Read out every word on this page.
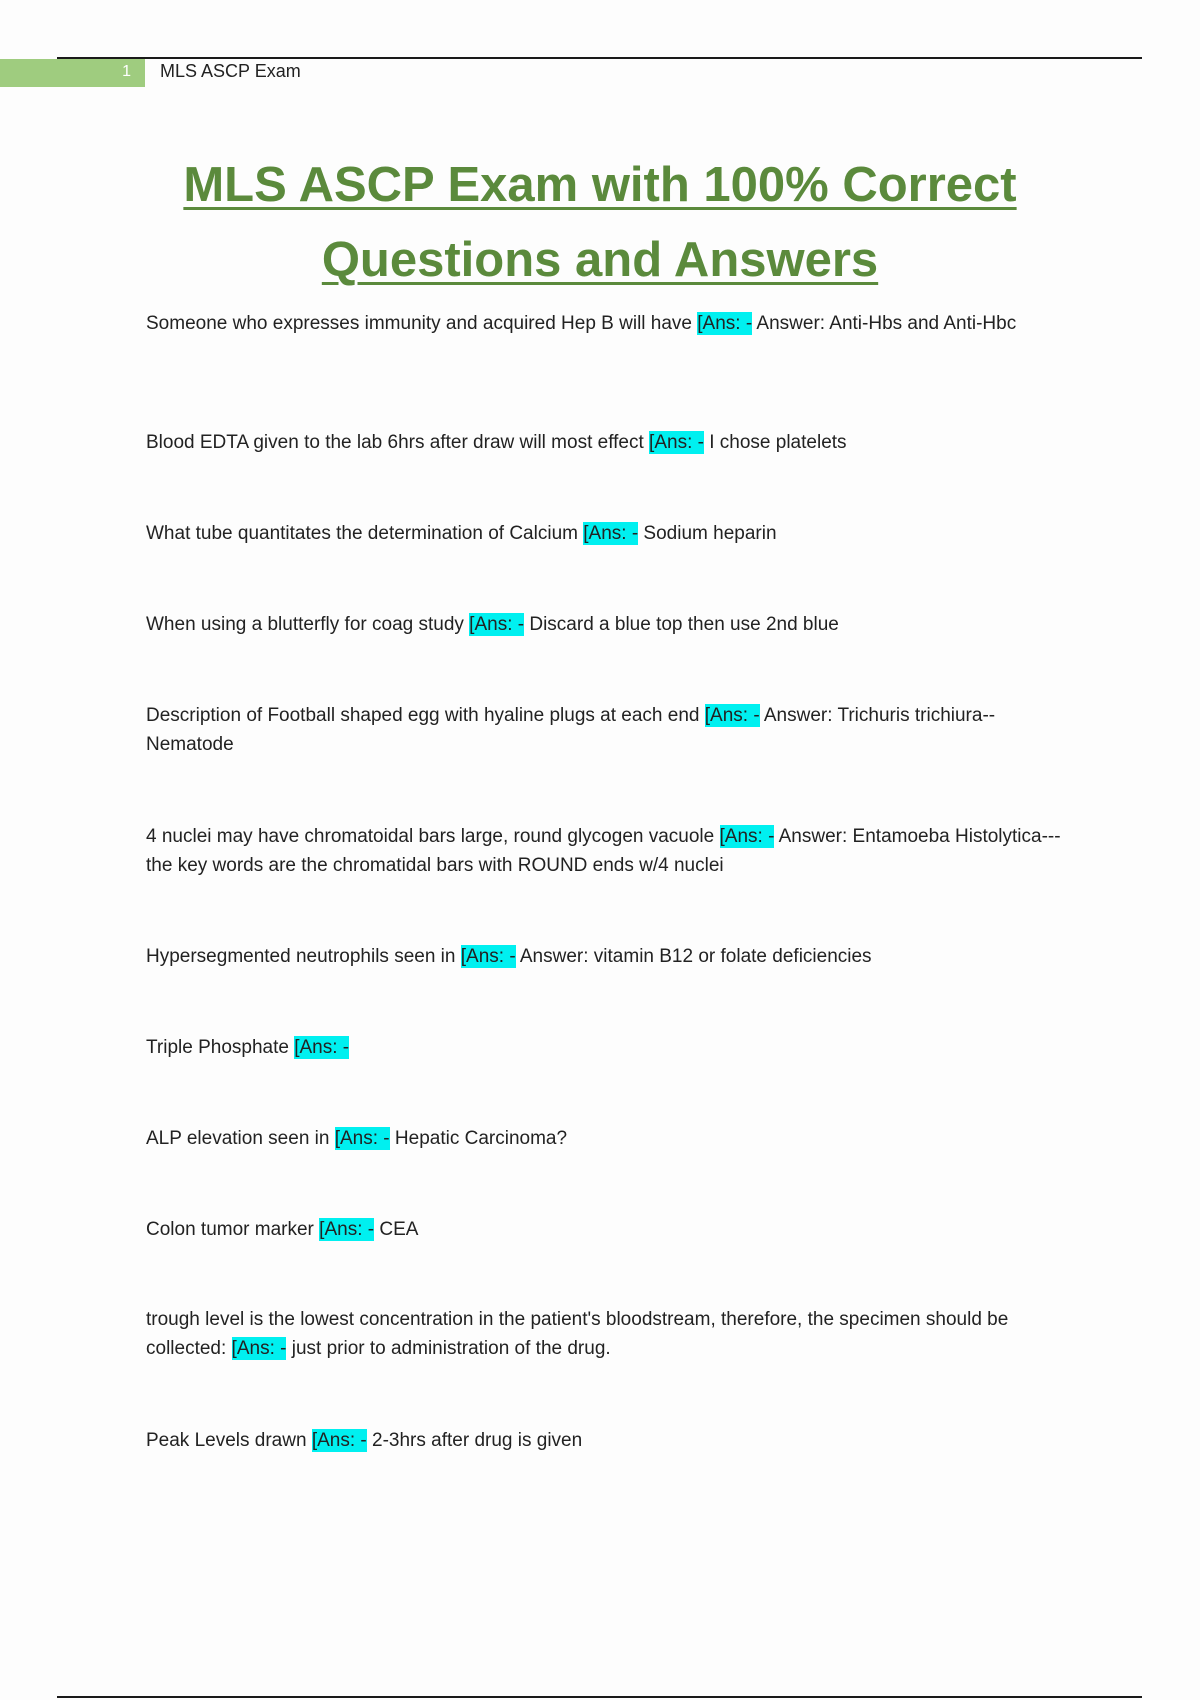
1 MLS ASCP Exam
MLS ASCP Exam with 100% Correct
Questions and Answers
Someone who expresses immunity and acquired Hep B will have [Ans: - Answer: Anti-Hbs and Anti-Hbc
Blood EDTA given to the lab 6hrs after draw will most effect [Ans: - I chose platelets
What tube quantitates the determination of Calcium [Ans: - Sodium heparin
When using a blutterfly for coag study [Ans: - Discard a blue top then use 2nd blue
Description of Football shaped egg with hyaline plugs at each end [Ans: - Answer: Trichuris trichiura-- Nematode
4 nuclei may have chromatoidal bars large, round glycogen vacuole [Ans: - Answer: Entamoeba Histolytica--- the key words are the chromatidal bars with ROUND ends w/4 nuclei
Hypersegmented neutrophils seen in [Ans: - Answer: vitamin B12 or folate deficiencies
Triple Phosphate [Ans: -
ALP elevation seen in [Ans: - Hepatic Carcinoma?
Colon tumor marker [Ans: - CEA
trough level is the lowest concentration in the patient's bloodstream, therefore, the specimen should be collected: [Ans: - just prior to administration of the drug.
Peak Levels drawn [Ans: - 2-3hrs after drug is given
